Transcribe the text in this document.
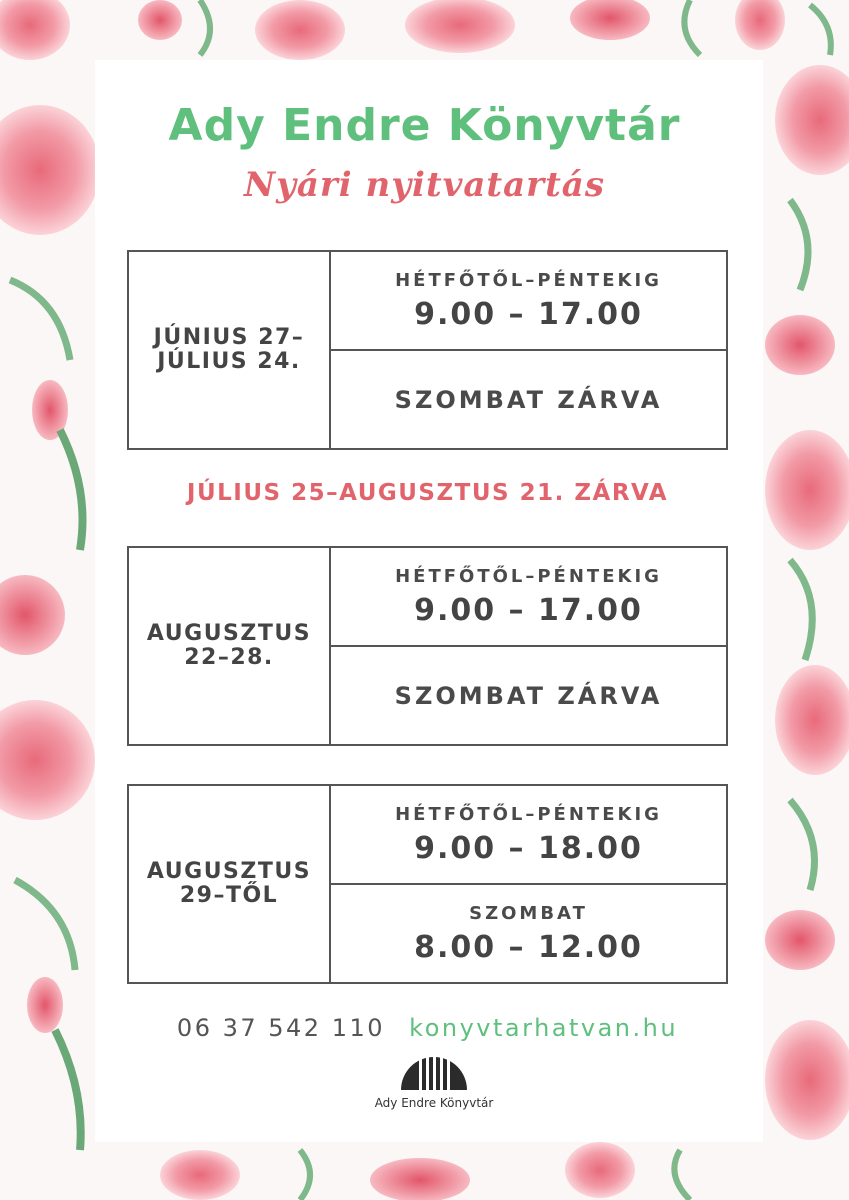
Ady Endre Könyvtár
Nyári nyitvatartás
JÚNIUS 27–
JÚLIUS 24.
HÉTFŐTŐL–PÉNTEKIG
9.00 – 17.00
SZOMBAT ZÁRVA
JÚLIUS 25–AUGUSZTUS 21. ZÁRVA
AUGUSZTUS
22–28.
HÉTFŐTŐL–PÉNTEKIG
9.00 – 17.00
SZOMBAT ZÁRVA
AUGUSZTUS
29–TŐL
HÉTFŐTŐL–PÉNTEKIG
9.00 – 18.00
SZOMBAT
8.00 – 12.00
06 37 542 110 konyvtarhatvan.hu
Ady Endre Könyvtár
